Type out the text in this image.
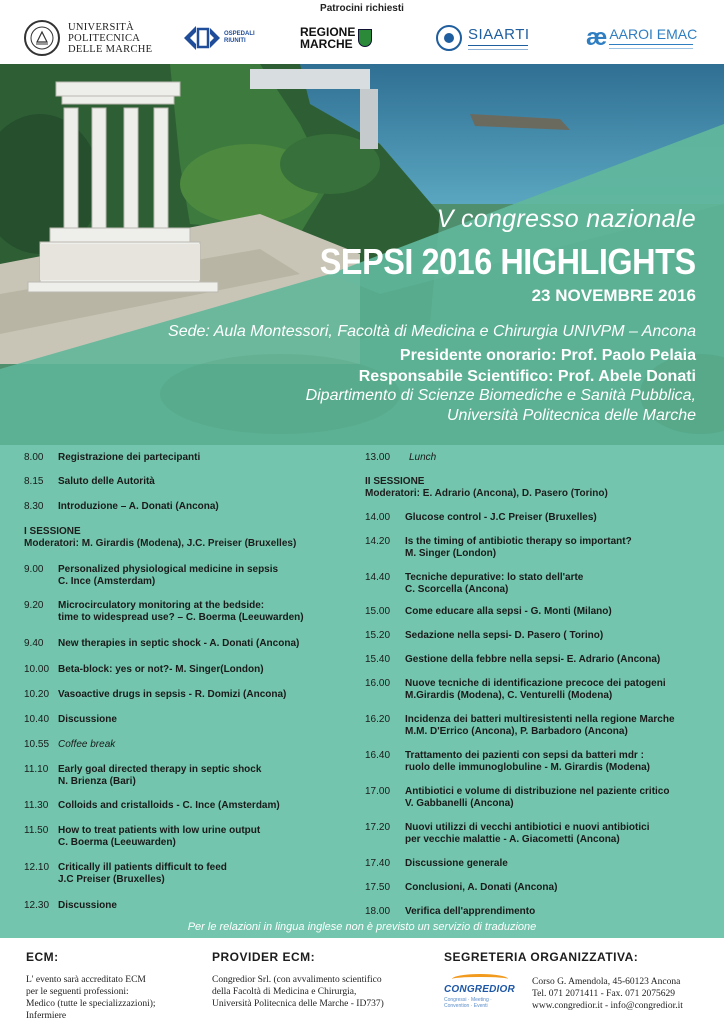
Patrocini richiesti
UNIVERSITÀ
POLITECNICA
DELLE MARCHE
OSPEDALI RIUNITI
REGIONE
MARCHE
SIAARTI æ AAROI EMAC
V congresso nazionale
SEPSI 2016 HIGHLIGHTS
23 NOVEMBRE 2016
Sede: Aula Montessori, Facoltà di Medicina e Chirurgia UNIVPM – Ancona
Presidente onorario: Prof. Paolo Pelaia
Responsabile Scientifico: Prof. Abele Donati
Dipartimento di Scienze Biomediche e Sanità Pubblica,
Università Politecnica delle Marche
8.00	Registrazione dei partecipanti
8.15	Saluto delle Autorità
8.30	Introduzione – A. Donati (Ancona)
I SESSIONE
Moderatori: M. Girardis (Modena), J.C. Preiser (Bruxelles)
9.00	Personalized physiological medicine in sepsis
C. Ince (Amsterdam)
9.20	Microcirculatory monitoring at the bedside:
time to widespread use? – C. Boerma (Leeuwarden)
9.40	New therapies in septic shock - A. Donati (Ancona)
10.00 Beta-block: yes or not?- M. Singer(London)
10.20 Vasoactive drugs in sepsis - R. Domizi (Ancona)
10.40 Discussione
10.55 Coffee break
11.10 Early goal directed therapy in septic shock
N. Brienza (Bari)
11.30 Colloids and cristalloids - C. Ince (Amsterdam)
11.50 How to treat patients with low urine output
C. Boerma (Leeuwarden)
12.10 Critically ill patients difficult to feed
J.C Preiser (Bruxelles)
12.30 Discussione
13.00	Lunch
II SESSIONE
Moderatori: E. Adrario (Ancona), D. Pasero (Torino)
14.00	Glucose control - J.C Preiser (Bruxelles)
14.20	Is the timing of antibiotic therapy so important?
M. Singer (London)
14.40	Tecniche depurative: lo stato dell'arte
C. Scorcella (Ancona)
15.00	Come educare alla sepsi - G. Monti (Milano)
15.20	Sedazione nella sepsi- D. Pasero ( Torino)
15.40	Gestione della febbre nella sepsi- E. Adrario (Ancona)
16.00	Nuove tecniche di identificazione precoce dei patogeni
M.Girardis (Modena), C. Venturelli (Modena)
16.20	Incidenza dei batteri multiresistenti nella regione Marche
M.M. D'Errico (Ancona), P. Barbadoro (Ancona)
16.40	Trattamento dei pazienti con sepsi da batteri mdr :
ruolo delle immunoglobuline - M. Girardis (Modena)
17.00	Antibiotici e volume di distribuzione nel paziente critico
V. Gabbanelli (Ancona)
17.20	Nuovi utilizzi di vecchi antibiotici e nuovi antibiotici
per vecchie malattie - A. Giacometti (Ancona)
17.40	Discussione generale
17.50	Conclusioni, A. Donati (Ancona)
18.00	Verifica dell'apprendimento
Per le relazioni in lingua inglese non è previsto un servizio di traduzione
ECM:
L' evento sarà accreditato ECM
per le seguenti professioni:
Medico (tutte le specializzazioni);
Infermiere
PROVIDER ECM:
Congredior Srl. (con avvalimento scientifico
della Facoltà di Medicina e Chirurgia,
Università Politecnica delle Marche - ID737)
SEGRETERIA ORGANIZZATIVA:
CONGREDIOR
Congressi · Meeting · Convention · Eventi
Corso G. Amendola, 45-60123 Ancona
Tel. 071 2071411 - Fax. 071 2075629
www.congredior.it - info@congredior.it
